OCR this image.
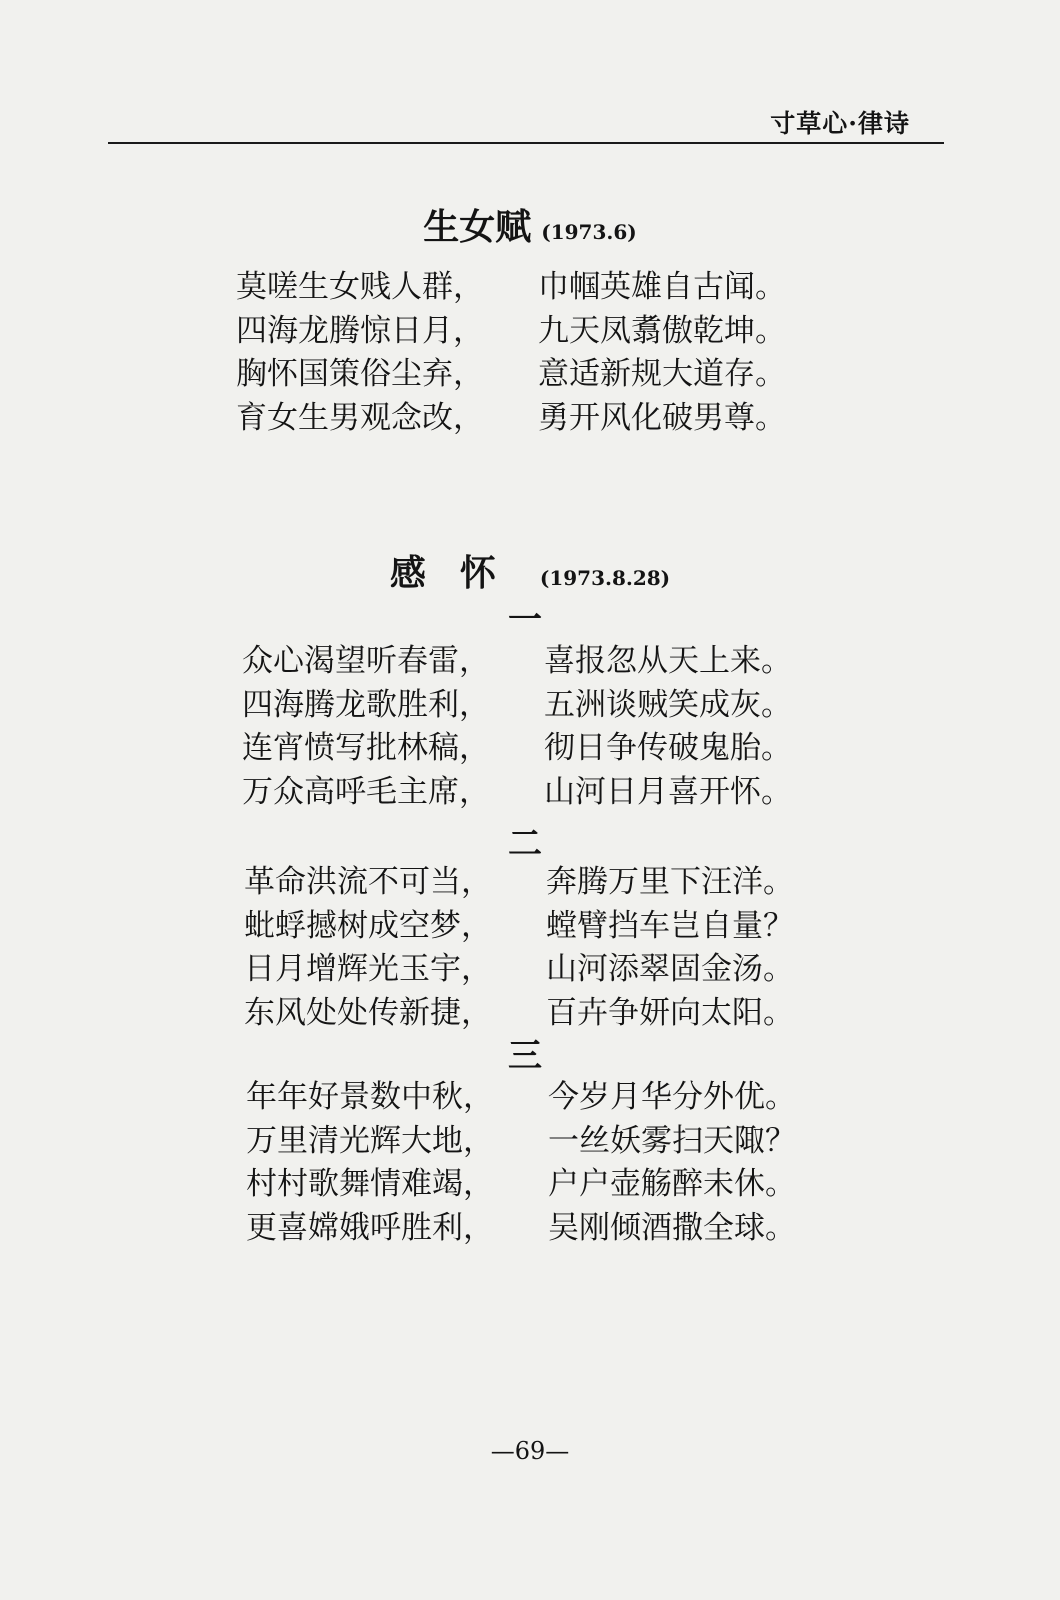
寸草心·律诗
生女赋 (1973.6)
莫嗟生女贱人群， 巾帼英雄自古闻。
四海龙腾惊日月， 九天凤翥傲乾坤。
胸怀国策俗尘弃， 意适新规大道存。
育女生男观念改， 勇开风化破男尊。
感怀 (1973.8.28)
一
众心渴望听春雷， 喜报忽从天上来。
四海腾龙歌胜利， 五洲谈贼笑成灰。
连宵愤写批林稿， 彻日争传破鬼胎。
万众高呼毛主席， 山河日月喜开怀。
二
革命洪流不可当， 奔腾万里下汪洋。
蚍蜉撼树成空梦， 螳臂挡车岂自量？
日月增辉光玉宇， 山河添翠固金汤。
东风处处传新捷， 百卉争妍向太阳。
三
年年好景数中秋， 今岁月华分外优。
万里清光辉大地， 一丝妖雾扫天陬？
村村歌舞情难竭， 户户壶觞醉未休。
更喜嫦娥呼胜利， 吴刚倾酒撒全球。
—69—
